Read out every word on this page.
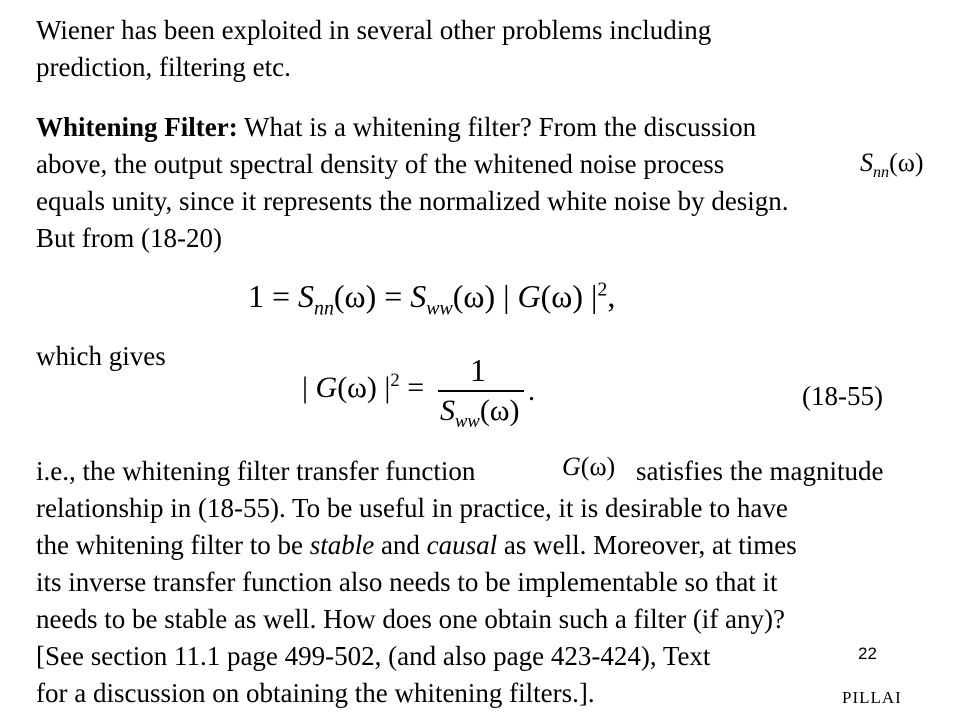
Wiener has been exploited in several other problems including
prediction, filtering etc.
Whitening Filter: What is a whitening filter? From the discussion
above, the output spectral density of the whitened noise process	$S_{nn}(\omega)$
equals unity, since it represents the normalized white noise by design.
But from (18-20)
$1 = S_{nn}(\omega) = S_{ww}(\omega)$ | G(ω) $|^2$,
which gives
| G(ω) $|^2 = 1$
$S_{ww}(\omega)$
.	(18-55)
i.e., the whitening filter transfer function	G(ω) satisfies the magnitude
relationship in (18-55). To be useful in practice, it is desirable to have
the whitening filter to be stable and causal as well. Moreover, at times
its inverse transfer function also needs to be implementable so that it
needs to be stable as well. How does one obtain such a filter (if any)?
[See section 11.1 page 499-502, (and also page 423-424), Text
for a discussion on obtaining the whitening filters.].
22
PILLAI
